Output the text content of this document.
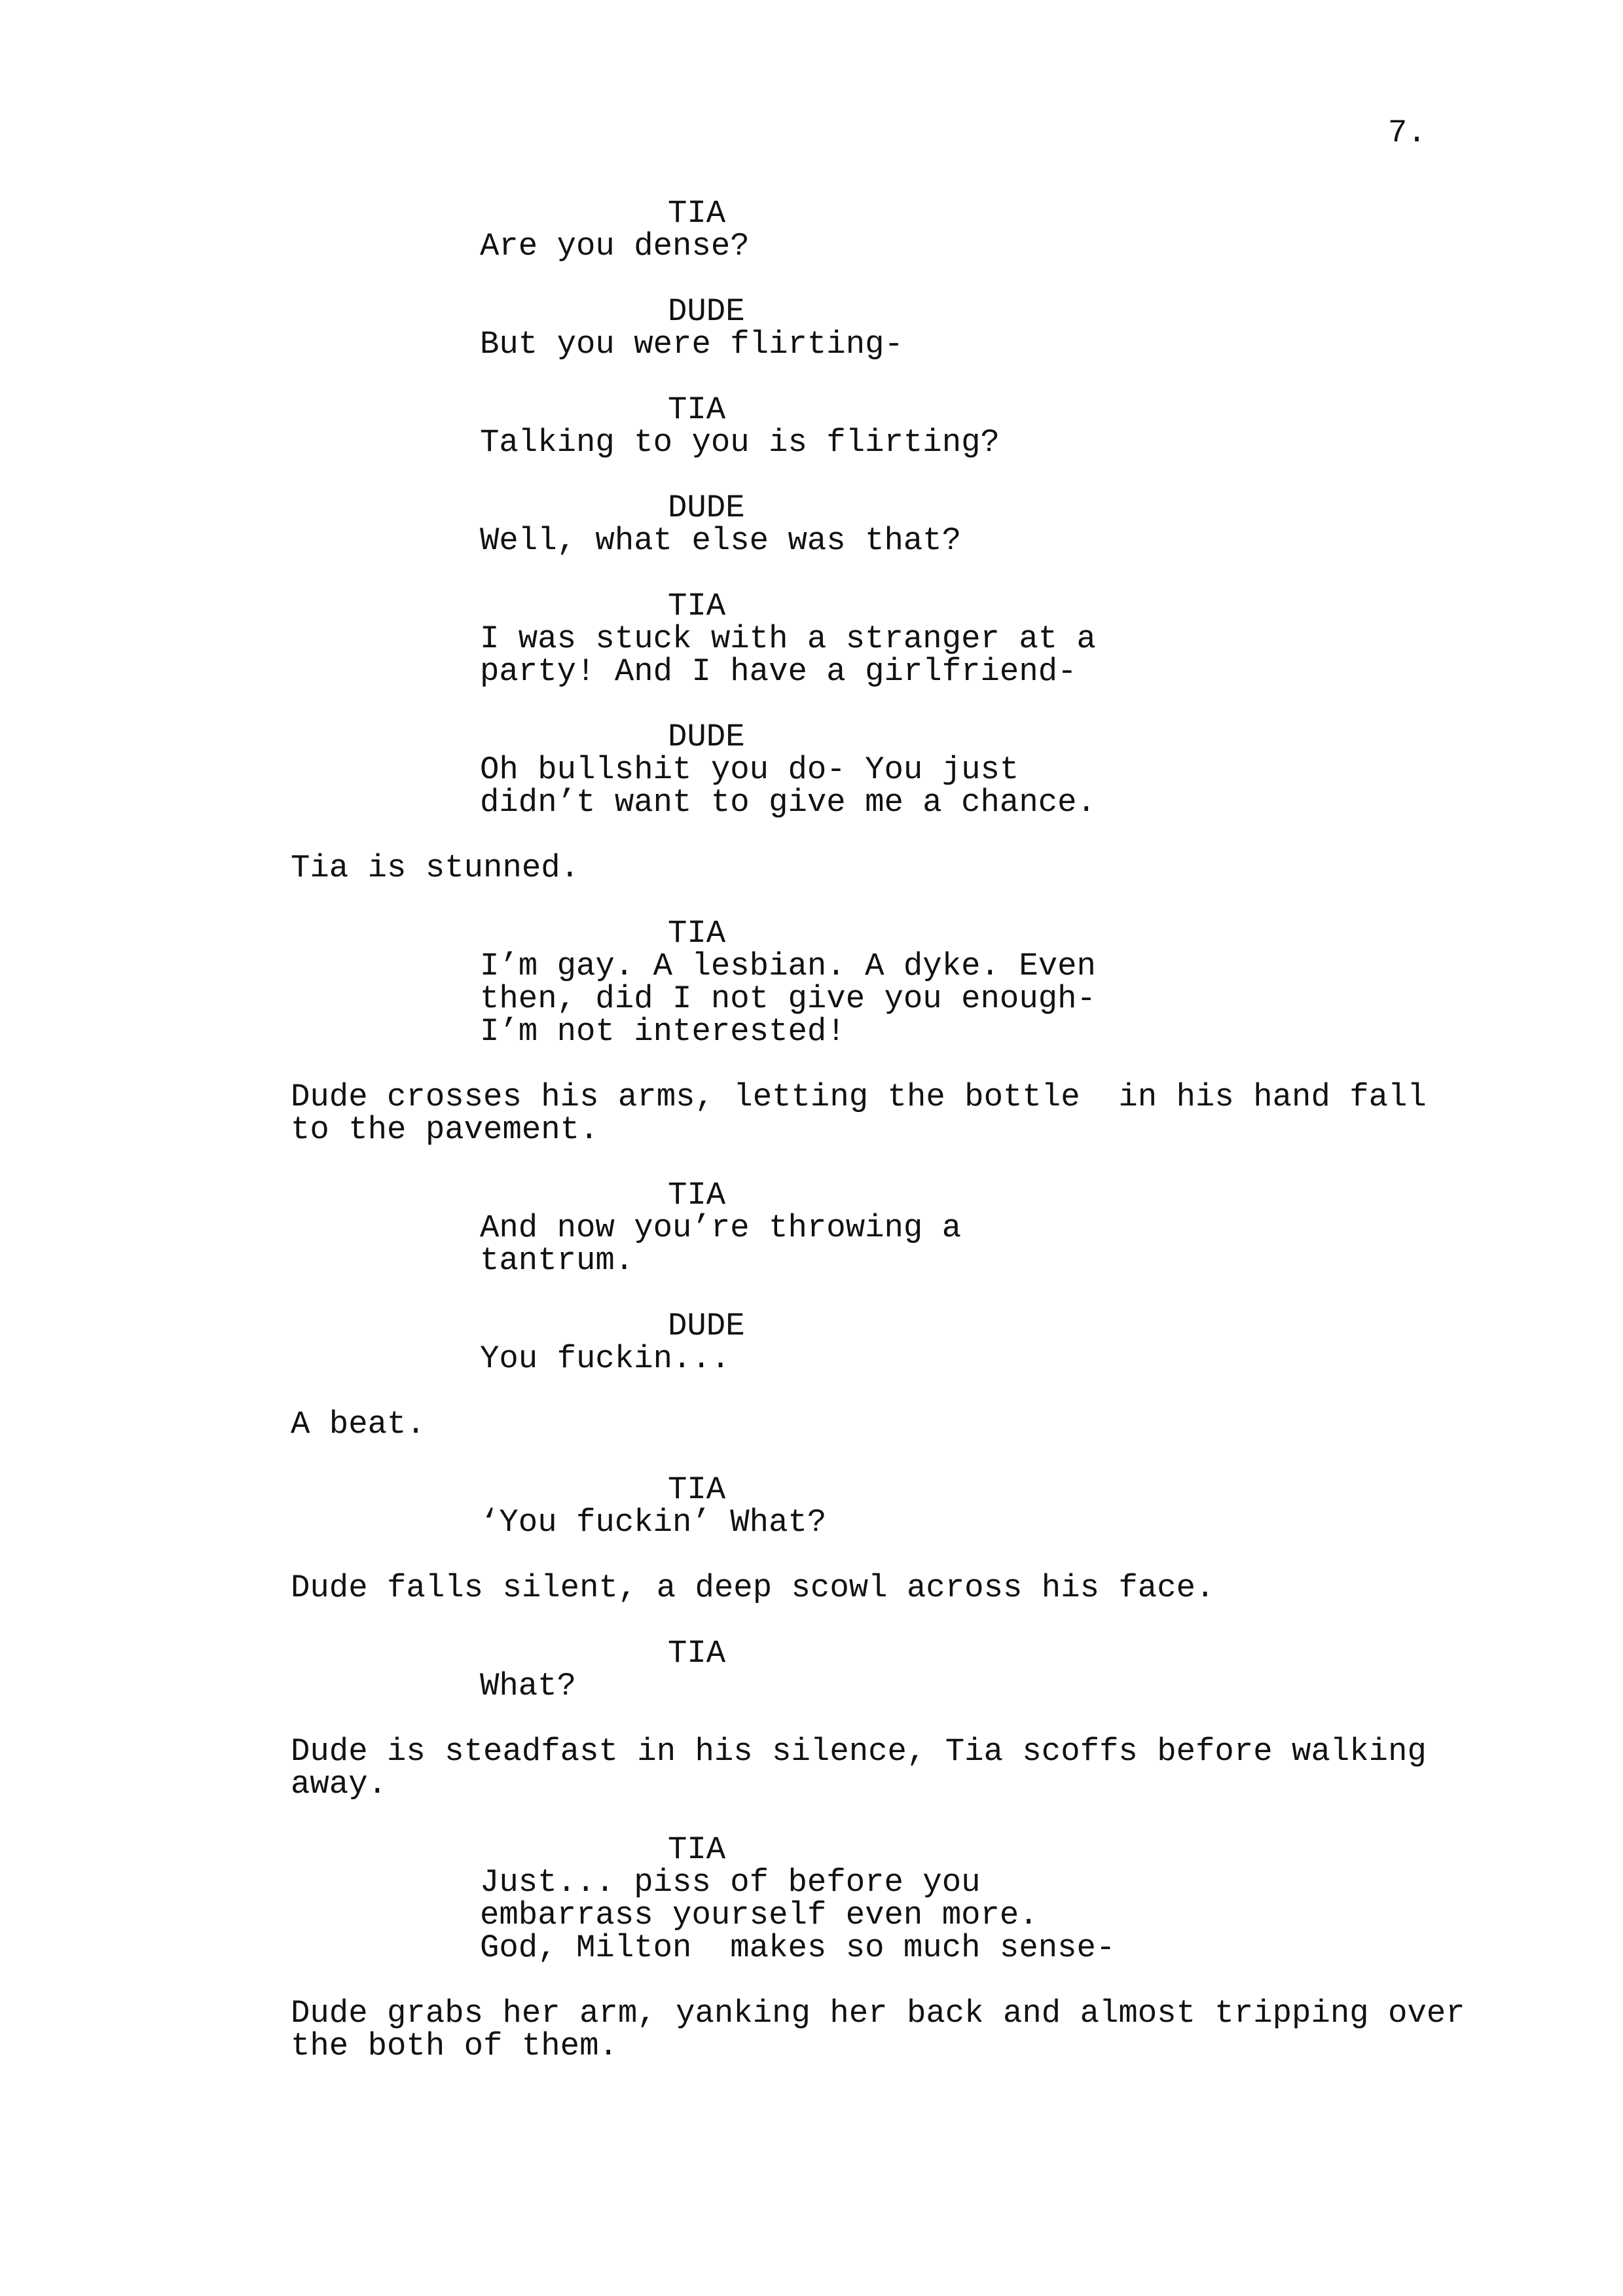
7.
TIA
Are you dense?
DUDE
But you were flirting-
TIA
Talking to you is flirting?
DUDE
Well, what else was that?
TIA
I was stuck with a stranger at a
party! And I have a girlfriend-
DUDE
Oh bullshit you do- You just
didn’t want to give me a chance.
Tia is stunned.
TIA
I’m gay. A lesbian. A dyke. Even
then, did I not give you enough-
I’m not interested!
Dude crosses his arms, letting the bottle  in his hand fall
to the pavement.
TIA
And now you’re throwing a
tantrum.
DUDE
You fuckin...
A beat.
TIA
‘You fuckin’ What?
Dude falls silent, a deep scowl across his face.
TIA
What?
Dude is steadfast in his silence, Tia scoffs before walking
away.
TIA
Just... piss of before you
embarrass yourself even more.
God, Milton  makes so much sense-
Dude grabs her arm, yanking her back and almost tripping over
the both of them.
